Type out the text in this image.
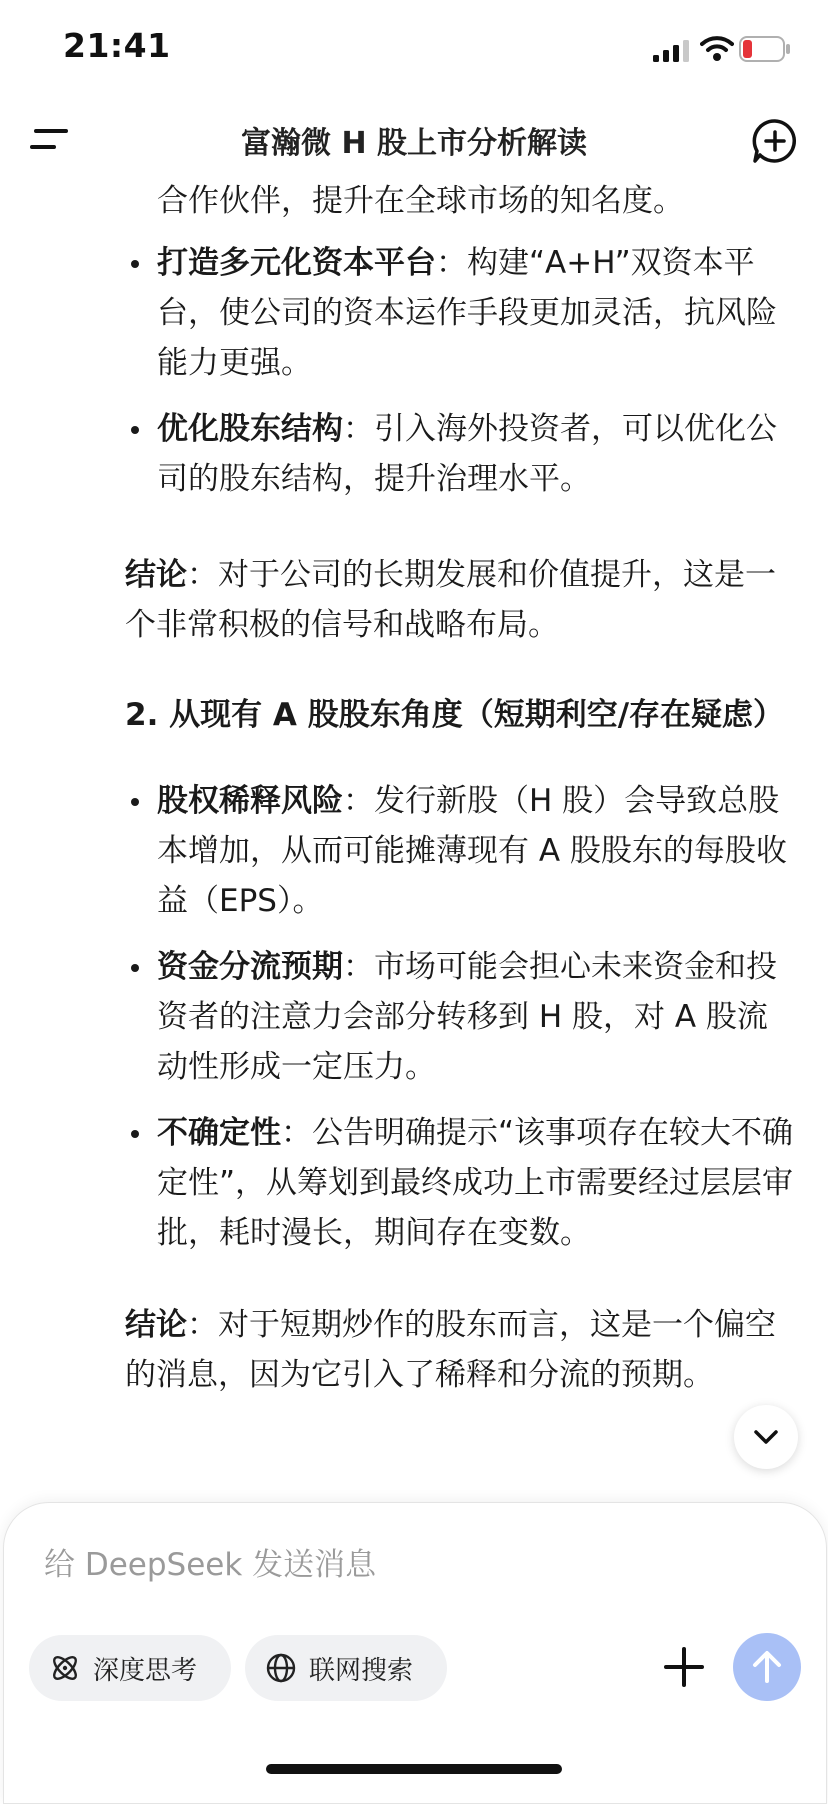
21:41
富瀚微 H 股上市分析解读
合作伙伴，提升在全球市场的知名度。
打造多元化资本平台：构建“A+H”双资本平台，使公司的资本运作手段更加灵活，抗风险能力更强。
优化股东结构：引入海外投资者，可以优化公司的股东结构，提升治理水平。
结论：对于公司的长期发展和价值提升，这是一个非常积极的信号和战略布局。
2. 从现有 A 股股东角度（短期利空/存在疑虑）
股权稀释风险：发行新股（H 股）会导致总股本增加，从而可能摊薄现有 A 股股东的每股收益（EPS）。
资金分流预期：市场可能会担心未来资金和投资者的注意力会部分转移到 H 股，对 A 股流动性形成一定压力。
不确定性：公告明确提示“该事项存在较大不确定性”，从筹划到最终成功上市需要经过层层审批，耗时漫长，期间存在变数。
结论：对于短期炒作的股东而言，这是一个偏空的消息，因为它引入了稀释和分流的预期。
给 DeepSeek 发送消息
深度思考	联网搜索
